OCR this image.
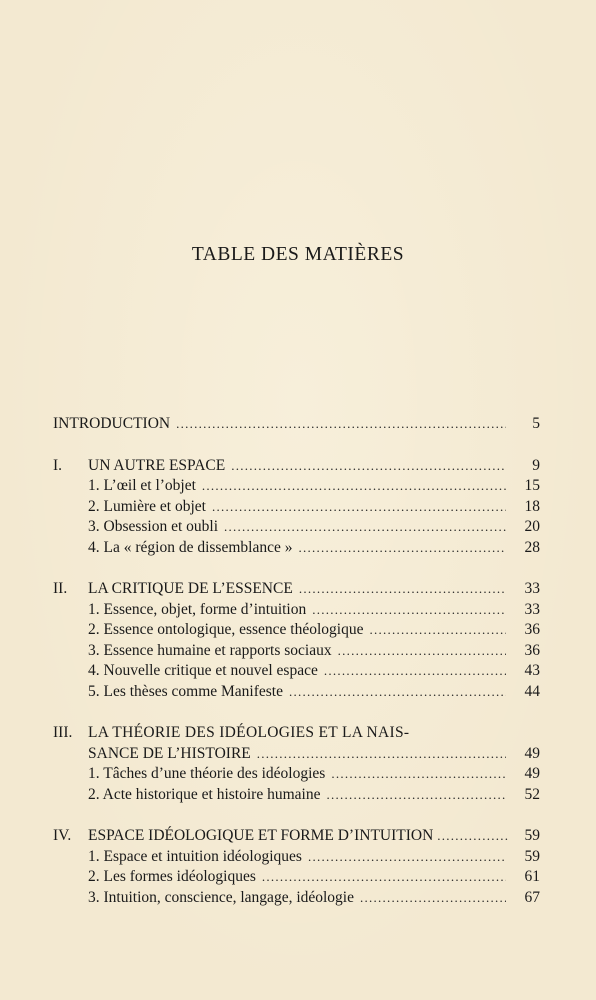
TABLE DES MATIÈRES
INTRODUCTION . . .	5
I.	UN AUTRE ESPACE . . .	9
1. L’œil et l’objet . . .	15
2. Lumière et objet . . .	18
3. Obsession et oubli . . .	20
4. La « région de dissemblance » . . .	28
II.	LA CRITIQUE DE L’ESSENCE . . .	33
1. Essence, objet, forme d’intuition . . .	33
2. Essence ontologique, essence théologique . . .	36
3. Essence humaine et rapports sociaux . . .	36
4. Nouvelle critique et nouvel espace . . .	43
5. Les thèses comme Manifeste . . .	44
III.	LA THÉORIE DES IDÉOLOGIES ET LA NAIS-
SANCE DE L’HISTOIRE . . .	49
1. Tâches d’une théorie des idéologies . . .	49
2. Acte historique et histoire humaine . . .	52
IV.	ESPACE IDÉOLOGIQUE ET FORME D’INTUITION . . .	59
1. Espace et intuition idéologiques . . .	59
2. Les formes idéologiques . . .	61
3. Intuition, conscience, langage, idéologie . . .	67
